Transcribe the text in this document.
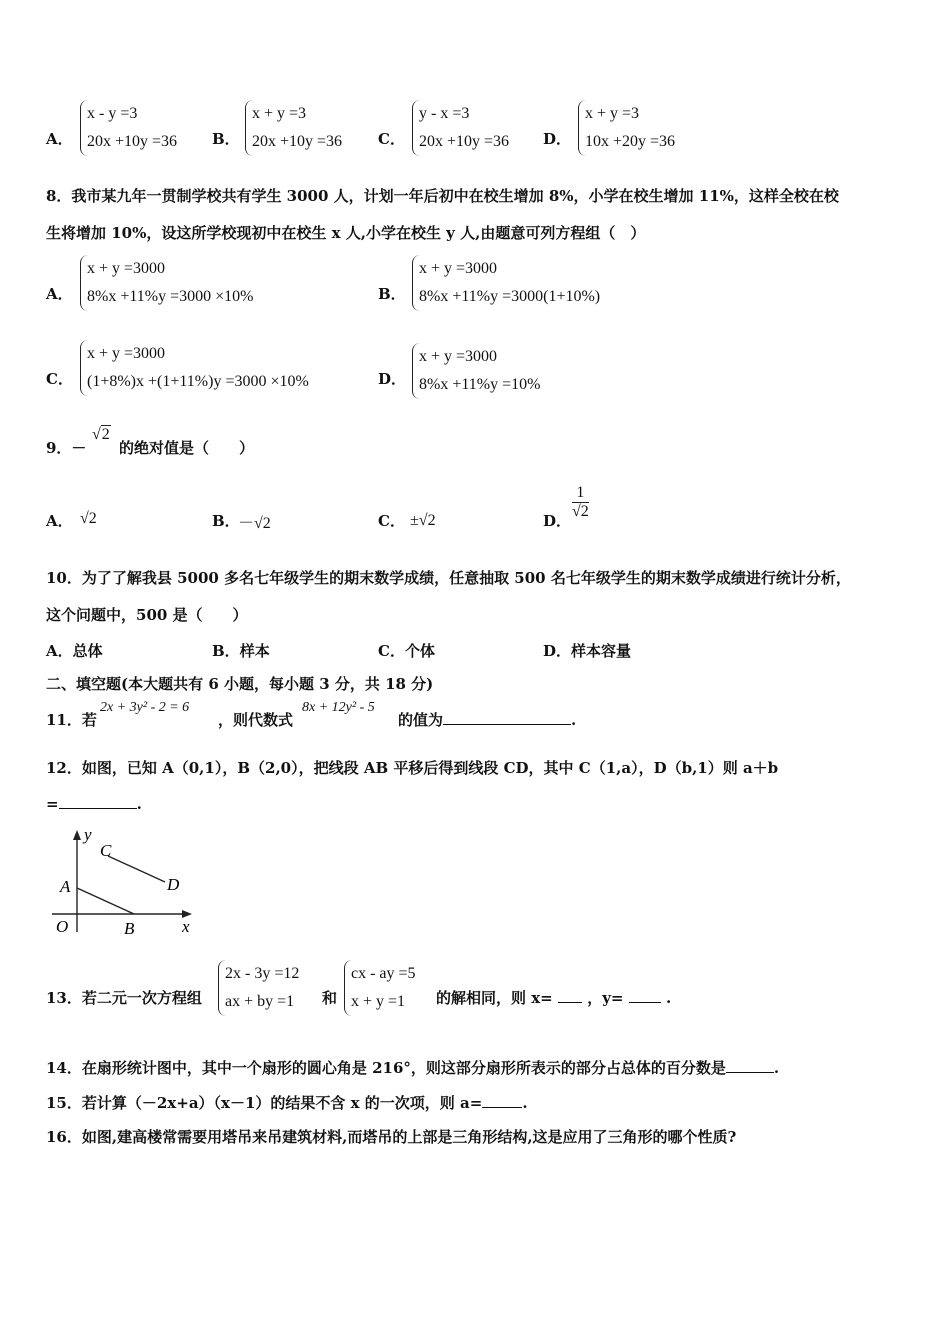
A．
x - y =3
20x +10y =36 B．
x + y =3
20x +10y =36 C．
y - x =3
20x +10y =36 D．
x + y =3
10x +20y =36
8．我市某九年一贯制学校共有学生 3000 人，计划一年后初中在校生增加 8%，小学在校生增加 11%，这样全校在校
生将增加 10%，设这所学校现初中在校生 x 人,小学在校生 y 人,由题意可列方程组（　）
A．
x + y =3000
8%x +11%y =3000 ×10%	B．
x + y =3000
8%x +11%y =3000(1+10%)
C．
x + y =3000
(1+8%)x +(1+11%)y =3000 ×10%	D．
x + y =3000
8%x +11%y =10%
9．－
√2
的绝对值是（　　）
A． √2	B．
－√2	C． ±√2	D． $\frac{1}{√2}$
10．为了了解我县 5000 多名七年级学生的期末数学成绩，任意抽取 500 名七年级学生的期末数学成绩进行统计分析，
这个问题中，500 是（　　）
A．总体	B．样本	C．个体	D．样本容量
二、填空题(本大题共有 6 小题，每小题 3 分，共 18 分)
11．若
2x + 3y² - 2 = 6
，则代数式
8x + 12y² - 5
的值为	.
12．如图，已知 A（0,1），B（2,0），把线段 AB 平移后得到线段 CD，其中 C（1,a），D（b,1）则 a＋b
=	.
y
x
O
A
B
C
D
13．若二元一次方程组
2x - 3y =12
ax + by =1	和
cx - ay =5
x + y =1	的解相同，则 x= ，y=	.
14．在扇形统计图中，其中一个扇形的圆心角是 216°，则这部分扇形所表示的部分占总体的百分数是	.
15．若计算（－2x+a）（x－1）的结果不含 x 的一次项，则 a=	.
16．如图,建高楼常需要用塔吊来吊建筑材料,而塔吊的上部是三角形结构,这是应用了三角形的哪个性质?
